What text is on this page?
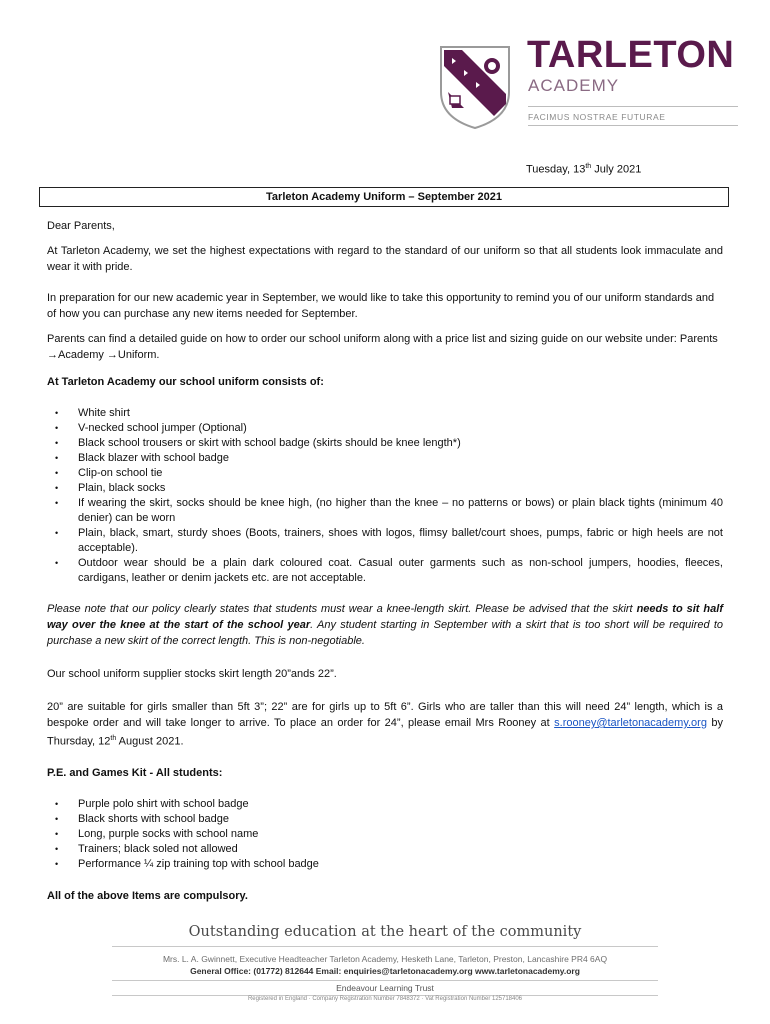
TARLETON
ACADEMY
FACIMUS NOSTRAE FUTURAE
Tuesday, 13th July 2021
Tarleton Academy Uniform – September 2021
Dear Parents,
At Tarleton Academy, we set the highest expectations with regard to the standard of our uniform so that all students look immaculate and wear it with pride.
In preparation for our new academic year in September, we would like to take this opportunity to remind you of our uniform standards and of how you can purchase any new items needed for September.
Parents can find a detailed guide on how to order our school uniform along with a price list and sizing guide on our website under: Parents →Academy →Uniform.
At Tarleton Academy our school uniform consists of:
• White shirt
• V-necked school jumper (Optional)
• Black school trousers or skirt with school badge (skirts should be knee length*)
• Black blazer with school badge
• Clip-on school tie
• Plain, black socks
• If wearing the skirt, socks should be knee high, (no higher than the knee – no patterns or bows) or plain black tights (minimum 40 denier) can be worn
• Plain, black, smart, sturdy shoes (Boots, trainers, shoes with logos, flimsy ballet/court shoes, pumps, fabric or high heels are not acceptable).
• Outdoor wear should be a plain dark coloured coat. Casual outer garments such as non-school jumpers, hoodies, fleeces, cardigans, leather or denim jackets etc. are not acceptable.
Please note that our policy clearly states that students must wear a knee-length skirt. Please be advised that the skirt needs to sit half way over the knee at the start of the school year. Any student starting in September with a skirt that is too short will be required to purchase a new skirt of the correct length. This is non-negotiable.
Our school uniform supplier stocks skirt length 20”ands 22”.
20” are suitable for girls smaller than 5ft 3”; 22” are for girls up to 5ft 6”. Girls who are taller than this will need 24” length, which is a bespoke order and will take longer to arrive. To place an order for 24”, please email Mrs Rooney at s.rooney@tarletonacademy.org by Thursday, 12th August 2021.
P.E. and Games Kit - All students:
• Purple polo shirt with school badge
• Black shorts with school badge
• Long, purple socks with school name
• Trainers; black soled not allowed
• Performance ¼ zip training top with school badge
All of the above Items are compulsory.
Outstanding education at the heart of the community
Mrs. L. A. Gwinnett, Executive Headteacher Tarleton Academy, Hesketh Lane, Tarleton, Preston, Lancashire PR4 6AQ
General Office: (01772) 812644 Email: enquiries@tarletonacademy.org www.tarletonacademy.org
Endeavour Learning Trust
Registered in England · Company Registration Number 7848372 · Vat Registration Number 125718406
